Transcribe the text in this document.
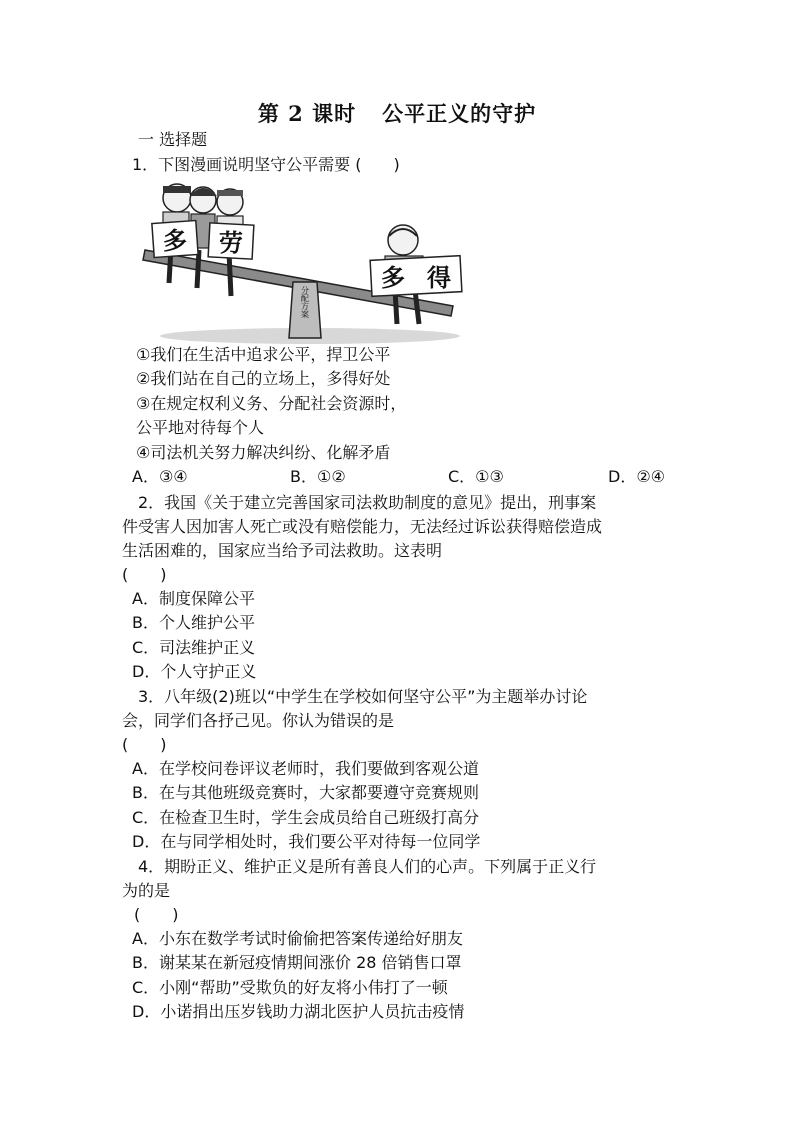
第 2 课时 公平正义的守护
一 选择题
1．下图漫画说明坚守公平需要 (　　)
分配方案
多 劳
多 得
①我们在生活中追求公平，捍卫公平
②我们站在自己的立场上，多得好处
③在规定权利义务、分配社会资源时，
公平地对待每个人
④司法机关努力解决纠纷、化解矛盾
A．③④	B．①②	C．①③	D．②④
2．我国《关于建立完善国家司法救助制度的意见》提出，刑事案
件受害人因加害人死亡或没有赔偿能力，无法经过诉讼获得赔偿造成
生活困难的，国家应当给予司法救助。这表明
(　　)
A．制度保障公平
B．个人维护公平
C．司法维护正义
D．个人守护正义
3．八年级(2)班以“中学生在学校如何坚守公平”为主题举办讨论
会，同学们各抒己见。你认为错误的是
(　　)
A．在学校问卷评议老师时，我们要做到客观公道
B．在与其他班级竞赛时，大家都要遵守竞赛规则
C．在检查卫生时，学生会成员给自己班级打高分
D．在与同学相处时，我们要公平对待每一位同学
4．期盼正义、维护正义是所有善良人们的心声。下列属于正义行
为的是
(　　)
A．小东在数学考试时偷偷把答案传递给好朋友
B．谢某某在新冠疫情期间涨价 28 倍销售口罩
C．小刚“帮助”受欺负的好友将小伟打了一顿
D．小诺捐出压岁钱助力湖北医护人员抗击疫情
